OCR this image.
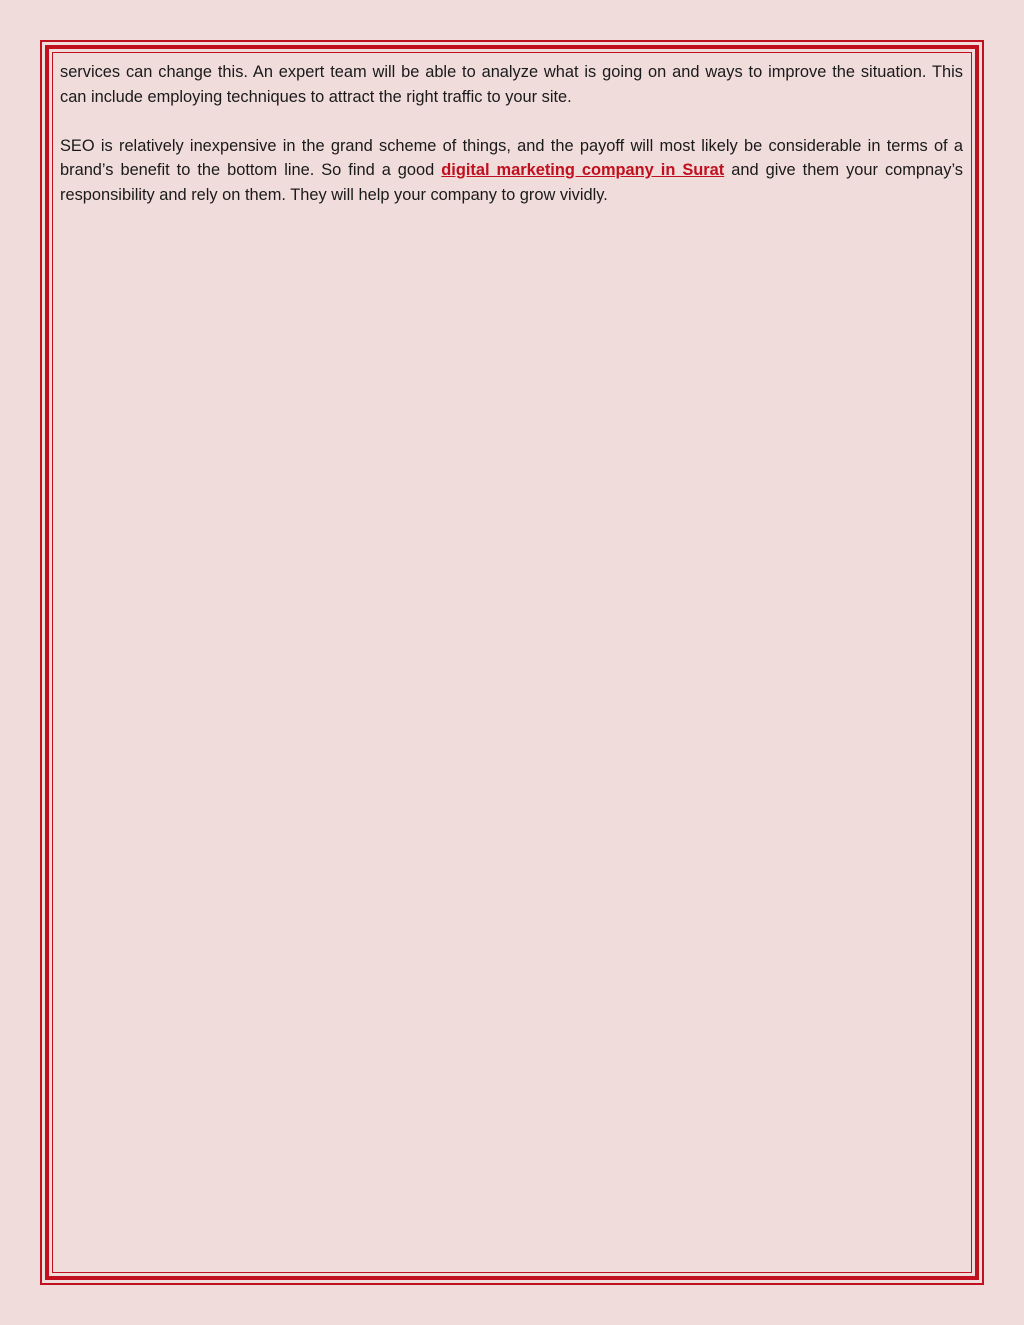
services can change this. An expert team will be able to analyze what is going on and ways to improve the situation. This can include employing techniques to attract the right traffic to your site.

SEO is relatively inexpensive in the grand scheme of things, and the payoff will most likely be considerable in terms of a brand’s benefit to the bottom line. So find a good digital marketing company in Surat and give them your compnay’s responsibility and rely on them. They will help your company to grow vividly.
